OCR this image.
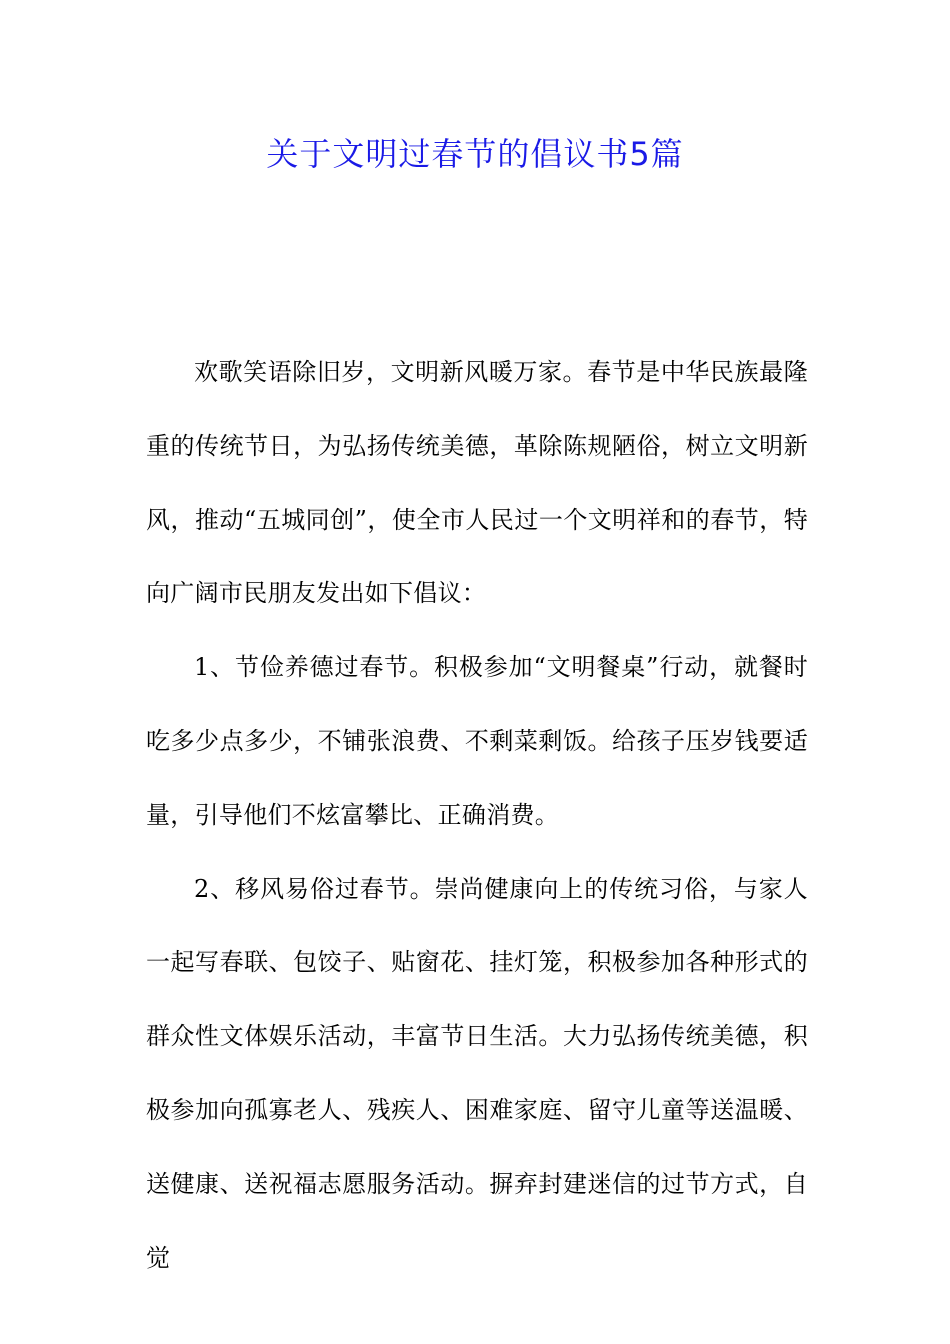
关于文明过春节的倡议书5篇

欢歌笑语除旧岁，文明新风暖万家。春节是中华民族最隆重的传统节日，为弘扬传统美德，革除陈规陋俗，树立文明新风，推动“五城同创”，使全市人民过一个文明祥和的春节，特向广阔市民朋友发出如下倡议：

1、节俭养德过春节。积极参加“文明餐桌”行动，就餐时吃多少点多少，不铺张浪费、不剩菜剩饭。给孩子压岁钱要适量，引导他们不炫富攀比、正确消费。

2、移风易俗过春节。崇尚健康向上的传统习俗，与家人一起写春联、包饺子、贴窗花、挂灯笼，积极参加各种形式的群众性文体娱乐活动，丰富节日生活。大力弘扬传统美德，积极参加向孤寡老人、残疾人、困难家庭、留守儿童等送温暖、送健康、送祝福志愿服务活动。摒弃封建迷信的过节方式，自觉
